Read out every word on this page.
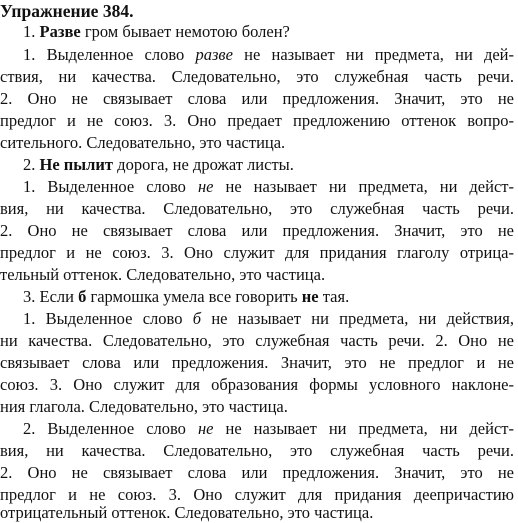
Упражнение 384.
1. Разве гром бывает немотою болен?
1. Выделенное слово разве не называет ни предмета, ни дей-
ствия, ни качества. Следовательно, это служебная часть речи.
2. Оно не связывает слова или предложения. Значит, это не
предлог и не союз. 3. Оно предает предложению оттенок вопро-
сительного. Следовательно, это частица.
2. Не пылит дорога, не дрожат листы.
1. Выделенное слово не не называет ни предмета, ни дейст-
вия, ни качества. Следовательно, это служебная часть речи.
2. Оно не связывает слова или предложения. Значит, это не
предлог и не союз. 3. Оно служит для придания глаголу отрица-
тельный оттенок. Следовательно, это частица.
3. Если б гармошка умела все говорить не тая.
1. Выделенное слово б не называет ни предмета, ни действия,
ни качества. Следовательно, это служебная часть речи. 2. Оно не
связывает слова или предложения. Значит, это не предлог и не
союз. 3. Оно служит для образования формы условного наклоне-
ния глагола. Следовательно, это частица.
2. Выделенное слово не не называет ни предмета, ни дейст-
вия, ни качества. Следовательно, это служебная часть речи.
2. Оно не связывает слова или предложения. Значит, это не
предлог и не союз. 3. Оно служит для придания деепричастию
отрицательный оттенок. Следовательно, это частица.
